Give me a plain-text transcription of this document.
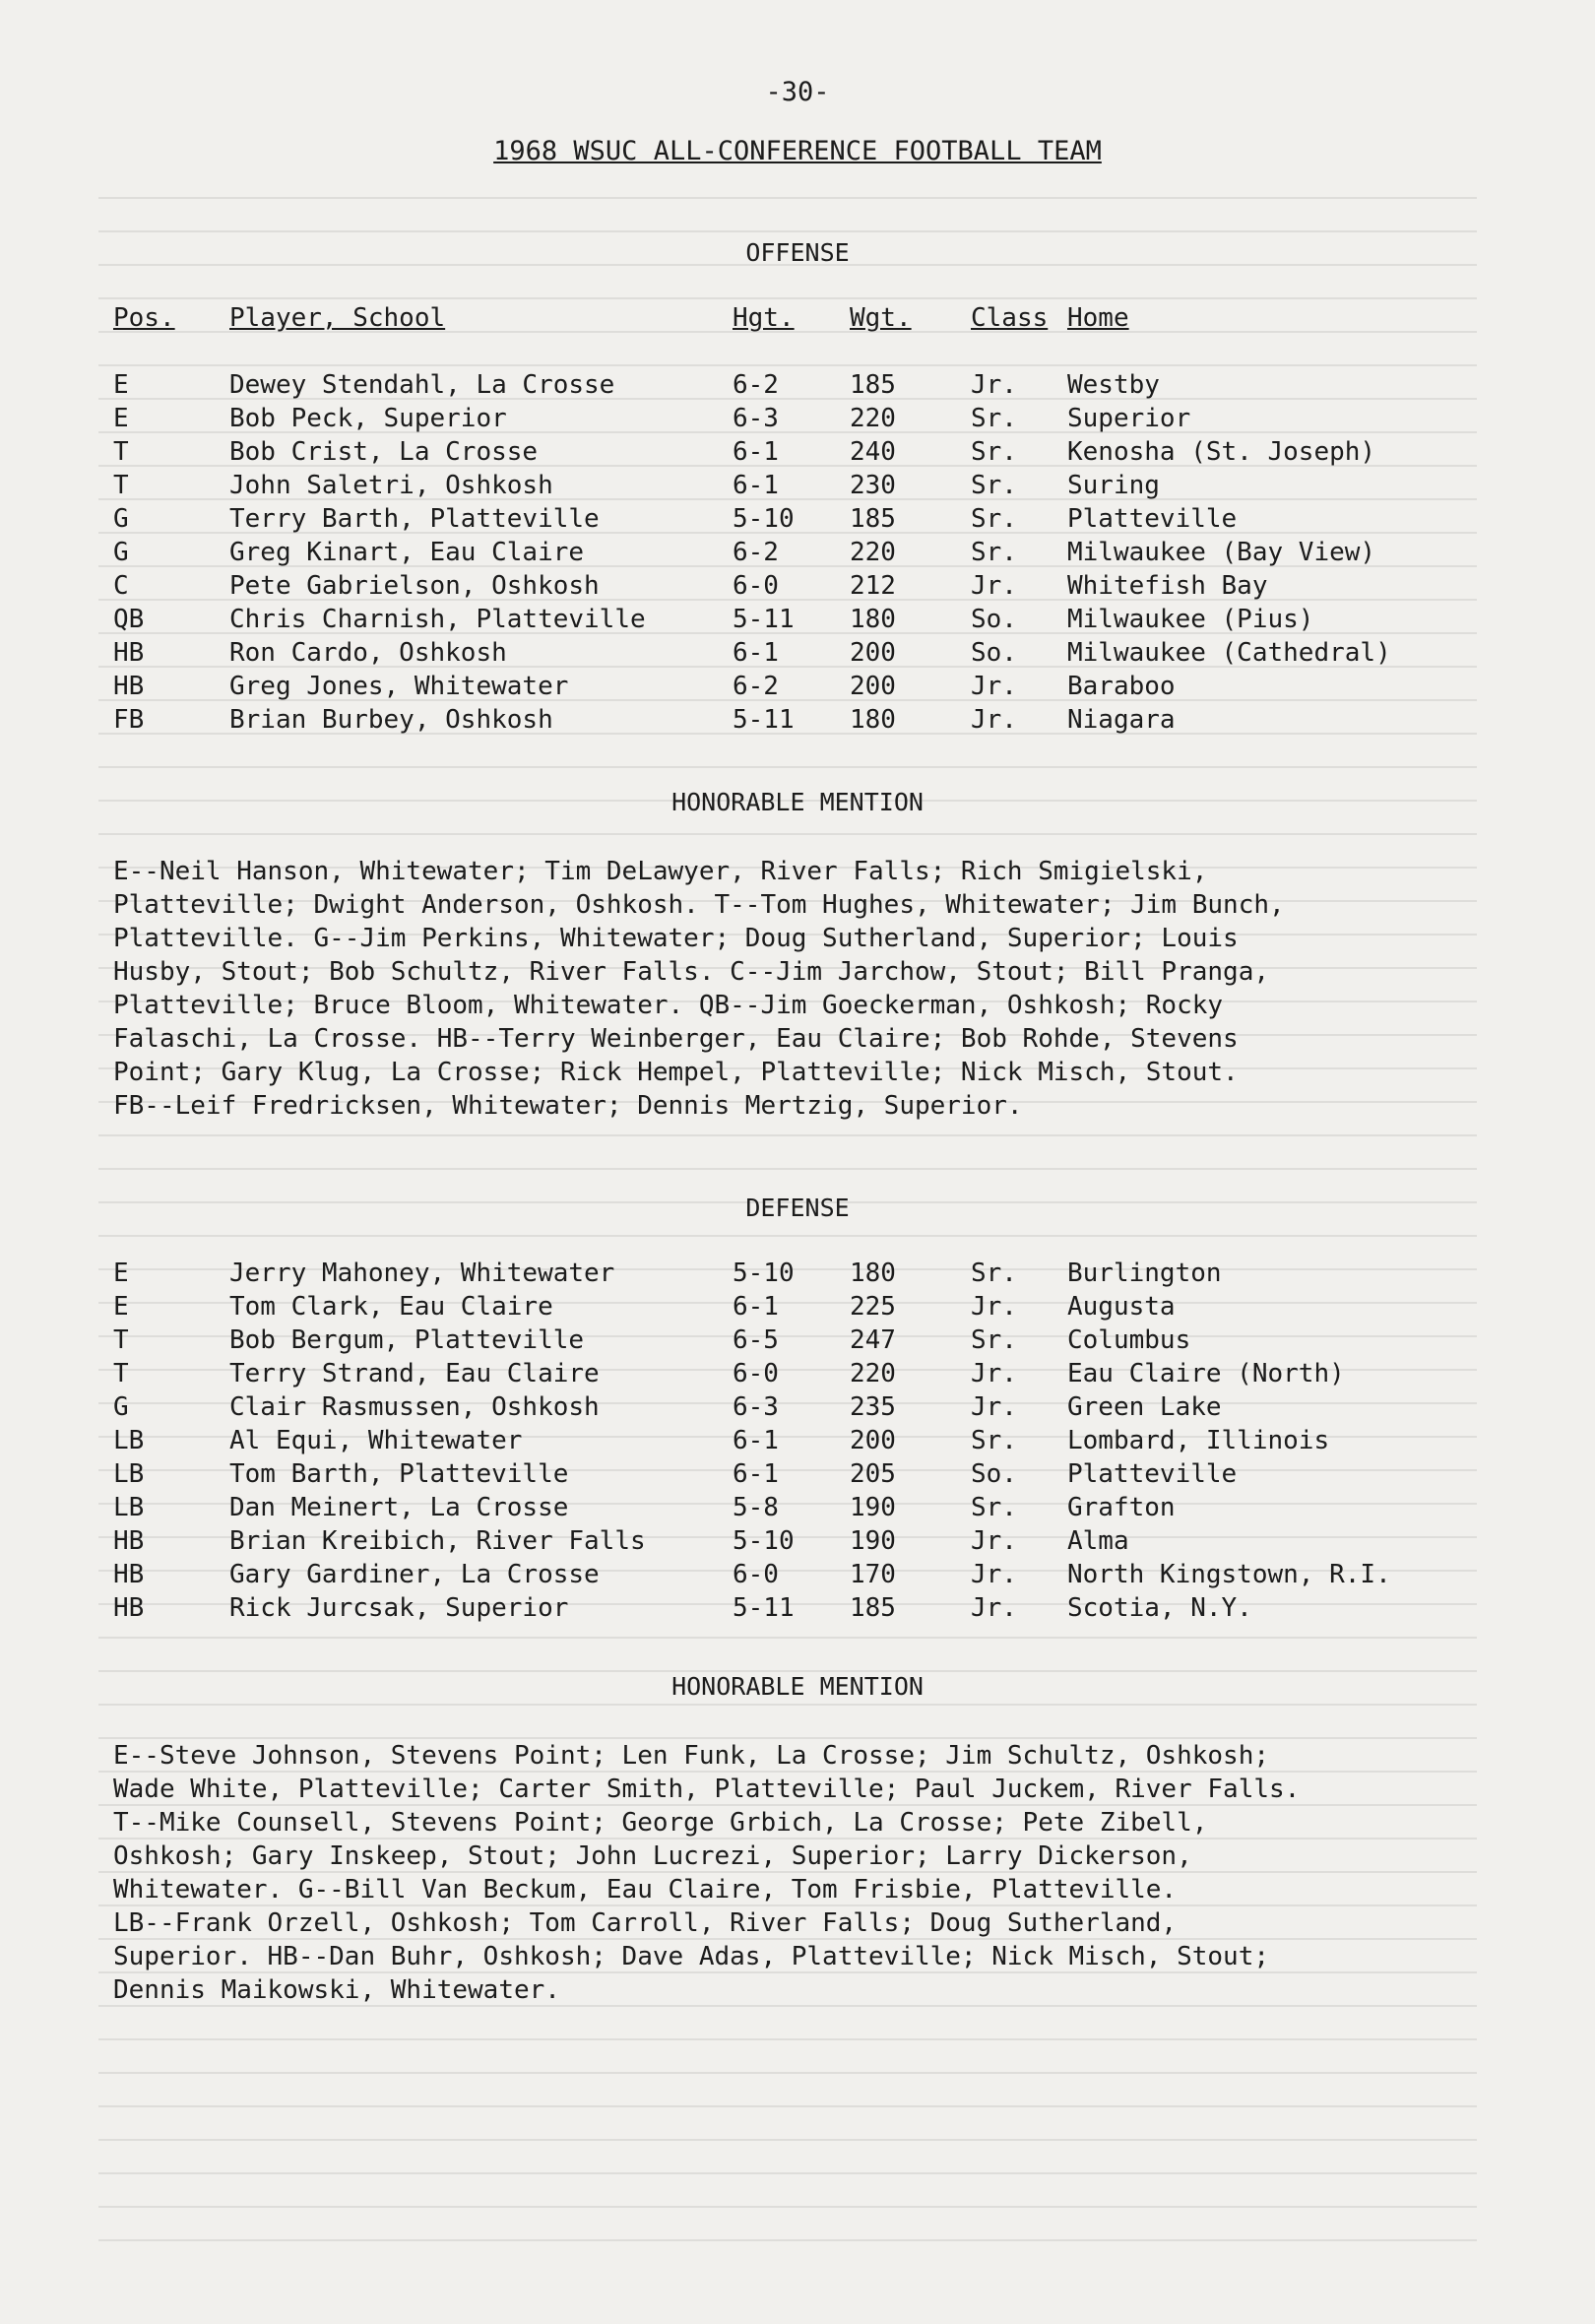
-30-
1968 WSUC ALL-CONFERENCE FOOTBALL TEAM
OFFENSE
Pos. Player, School	Hgt. Wgt. Class Home
E	Dewey Stendahl, La Crosse	6-2	185	Jr. Westby
E	Bob Peck, Superior	6-3	220	Sr. Superior
T	Bob Crist, La Crosse	6-1	240	Sr. Kenosha (St. Joseph)
T	John Saletri, Oshkosh	6-1	230	Sr. Suring
G	Terry Barth, Platteville	5-10 185	Sr. Platteville
G	Greg Kinart, Eau Claire	6-2	220	Sr. Milwaukee (Bay View)
C	Pete Gabrielson, Oshkosh	6-0	212	Jr. Whitefish Bay
QB	Chris Charnish, Platteville	5-11 180	So. Milwaukee (Pius)
HB	Ron Cardo, Oshkosh	6-1	200	So. Milwaukee (Cathedral)
HB	Greg Jones, Whitewater	6-2	200	Jr. Baraboo
FB	Brian Burbey, Oshkosh	5-11 180	Jr. Niagara
HONORABLE MENTION
E--Neil Hanson, Whitewater; Tim DeLawyer, River Falls; Rich Smigielski,
Platteville; Dwight Anderson, Oshkosh. T--Tom Hughes, Whitewater; Jim Bunch,
Platteville. G--Jim Perkins, Whitewater; Doug Sutherland, Superior; Louis
Husby, Stout; Bob Schultz, River Falls. C--Jim Jarchow, Stout; Bill Pranga,
Platteville; Bruce Bloom, Whitewater. QB--Jim Goeckerman, Oshkosh; Rocky
Falaschi, La Crosse. HB--Terry Weinberger, Eau Claire; Bob Rohde, Stevens
Point; Gary Klug, La Crosse; Rick Hempel, Platteville; Nick Misch, Stout.
FB--Leif Fredricksen, Whitewater; Dennis Mertzig, Superior.
DEFENSE
E	Jerry Mahoney, Whitewater	5-10 180	Sr. Burlington
E	Tom Clark, Eau Claire	6-1	225	Jr. Augusta
T	Bob Bergum, Platteville	6-5	247	Sr. Columbus
T	Terry Strand, Eau Claire	6-0	220	Jr. Eau Claire (North)
G	Clair Rasmussen, Oshkosh	6-3	235	Jr. Green Lake
LB	Al Equi, Whitewater	6-1	200	Sr. Lombard, Illinois
LB	Tom Barth, Platteville	6-1	205	So. Platteville
LB	Dan Meinert, La Crosse	5-8	190	Sr. Grafton
HB	Brian Kreibich, River Falls	5-10 190	Jr. Alma
HB	Gary Gardiner, La Crosse	6-0	170	Jr. North Kingstown, R.I.
HB	Rick Jurcsak, Superior	5-11 185	Jr. Scotia, N.Y.
HONORABLE MENTION
E--Steve Johnson, Stevens Point; Len Funk, La Crosse; Jim Schultz, Oshkosh;
Wade White, Platteville; Carter Smith, Platteville; Paul Juckem, River Falls.
T--Mike Counsell, Stevens Point; George Grbich, La Crosse; Pete Zibell,
Oshkosh; Gary Inskeep, Stout; John Lucrezi, Superior; Larry Dickerson,
Whitewater. G--Bill Van Beckum, Eau Claire, Tom Frisbie, Platteville.
LB--Frank Orzell, Oshkosh; Tom Carroll, River Falls; Doug Sutherland,
Superior. HB--Dan Buhr, Oshkosh; Dave Adas, Platteville; Nick Misch, Stout;
Dennis Maikowski, Whitewater.
